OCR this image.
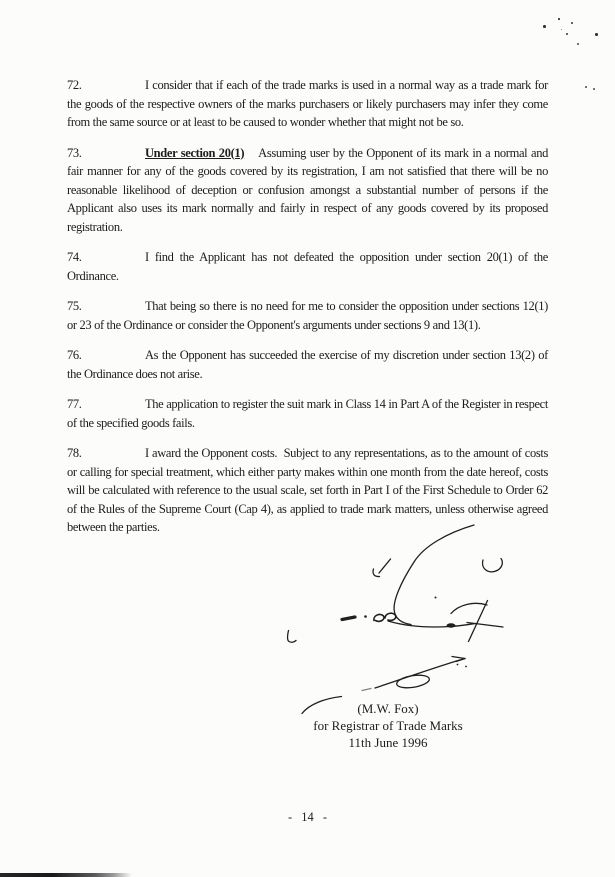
72.	I consider that if each of the trade marks is used in a normal way as a trade mark for the goods of the respective owners of the marks purchasers or likely purchasers may infer they come from the same source or at least to be caused to wonder whether that might not be so.

73.	Under section 20(1) Assuming user by the Opponent of its mark in a normal and fair manner for any of the goods covered by its registration, I am not satisfied that there will be no reasonable likelihood of deception or confusion amongst a substantial number of persons if the Applicant also uses its mark normally and fairly in respect of any goods covered by its proposed registration.

74.	I find the Applicant has not defeated the opposition under section 20(1) of the Ordinance.

75.	That being so there is no need for me to consider the opposition under sections 12(1) or 23 of the Ordinance or consider the Opponent's arguments under sections 9 and 13(1).

76.	As the Opponent has succeeded the exercise of my discretion under section 13(2) of the Ordinance does not arise.

77.	The application to register the suit mark in Class 14 in Part A of the Register in respect of the specified goods fails.

78.	I award the Opponent costs.  Subject to any representations, as to the amount of costs or calling for special treatment, which either party makes within one month from the date hereof, costs will be calculated with reference to the usual scale, set forth in Part I of the First Schedule to Order 62 of the Rules of the Supreme Court (Cap 4), as applied to trade mark matters, unless otherwise agreed between the parties.

(M.W. Fox)
for Registrar of Trade Marks
11th June 1996
- 14 -
